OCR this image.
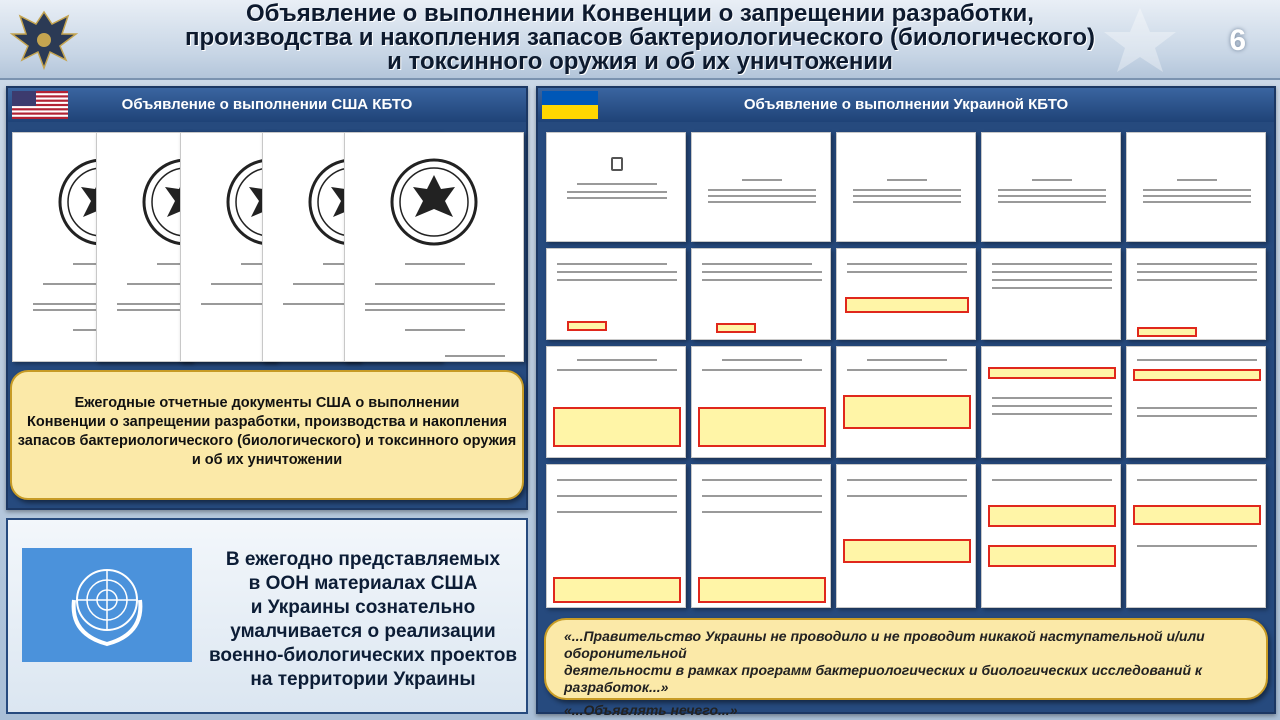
Объявление о выполнении Конвенции о запрещении разработки,
производства и накопления запасов бактериологического (биологического)
и токсинного оружия и об их уничтожении
6
Объявление о выполнении США КБТО
Ежегодные отчетные документы США о выполнении
Конвенции о запрещении разработки, производства и накопления
запасов бактериологического (биологического) и токсинного оружия
и об их уничтожении
В ежегодно представляемых
в ООН материалах США
и Украины сознательно
умалчивается о реализации
военно-биологических проектов
на территории Украины
Объявление о выполнении Украиной КБТО
«...Правительство Украины не проводило и не проводит никакой наступательной и/или оборонительной
деятельности в рамках программ бактериологических и биологических исследований к разработок...»
«...Объявлять нечего...»
